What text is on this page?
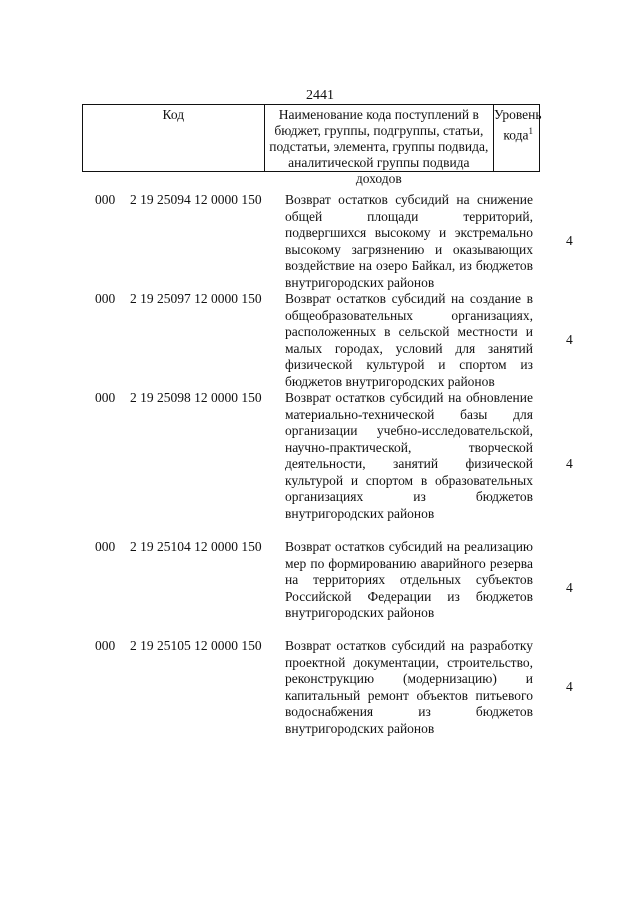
2441
Код	Наименование кода поступлений в бюджет, группы, подгруппы, статьи, подстатьи, элемента, группы подвида, аналитической группы подвида доходов
Уровень кода$^1$
000 2 19 25094 12 0000 150 Возврат остатков субсидий на снижение общей площади территорий, подвергшихся высокому и экстремально высокому загрязнению и оказывающих воздействие на озеро Байкал, из бюджетов внутригородских районов

4
000 2 19 25097 12 0000 150 Возврат остатков субсидий на создание в общеобразовательных организациях, расположенных в сельской местности и малых городах, условий для занятий физической культурой и спортом из бюджетов внутригородских районов

4
000 2 19 25098 12 0000 150 Возврат остатков субсидий на обновление материально-технической базы для организации учебно-исследовательской, научно-практической, творческой деятельности, занятий физической культурой и спортом в образовательных организациях из бюджетов внутригородских районов

4
000 2 19 25104 12 0000 150 Возврат остатков субсидий на реализацию мер по формированию аварийного резерва на территориях отдельных субъектов Российской Федерации из бюджетов внутригородских районов

4
000 2 19 25105 12 0000 150 Возврат остатков субсидий на разработку проектной документации, строительство, реконструкцию (модернизацию) и капитальный ремонт объектов питьевого водоснабжения из бюджетов внутригородских районов

4
